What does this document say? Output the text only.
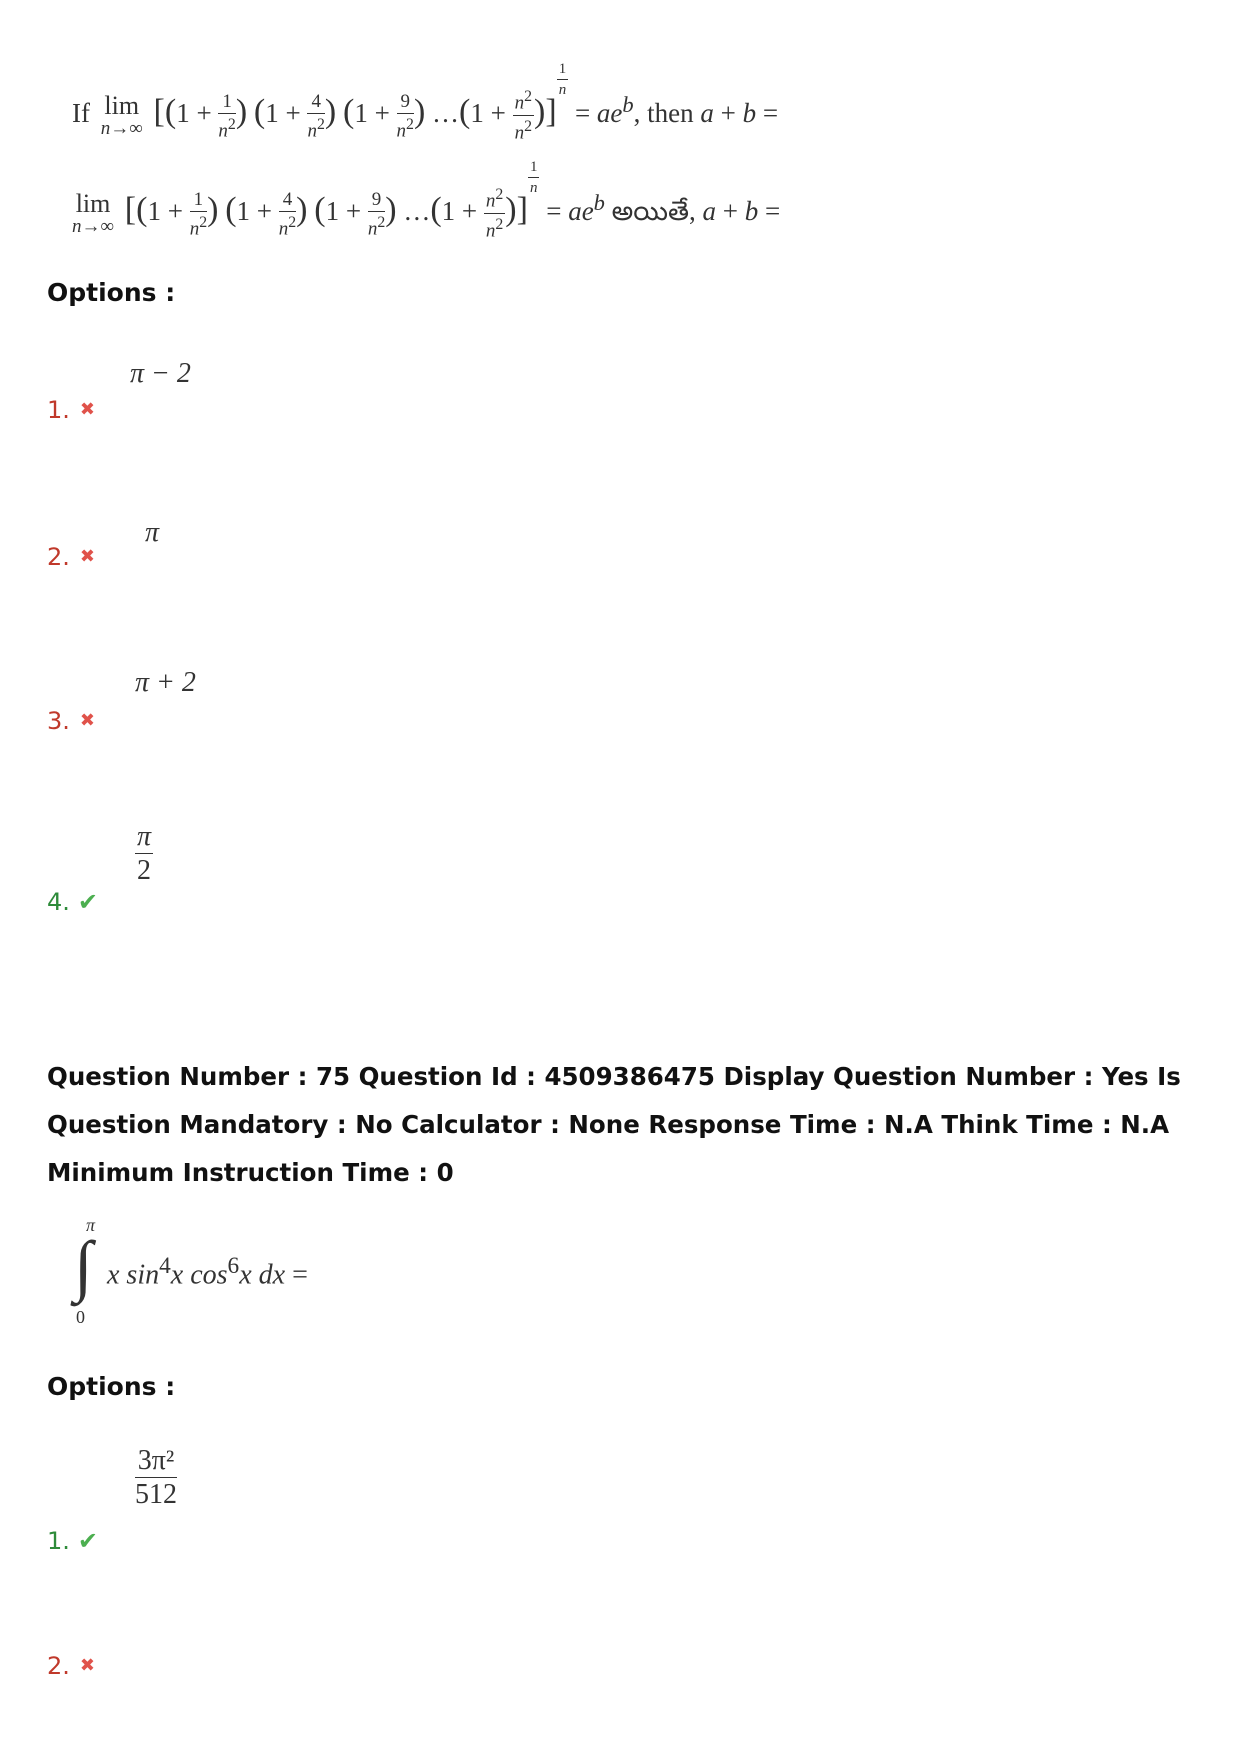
If lim
n→∞ [($1 + \frac{1}{n^2}$ ) ($1 + \frac{4}{n^2}$ ) ($1 + \frac{9}{n^2}$ ) …(1 + $\frac{n^2}{n^2}$ )]
$\frac{1}{n}$
= $ae^b$, then a + b =
lim
n→∞ [($1 + \frac{1}{n^2}$ ) ($1 + \frac{4}{n^2}$ ) ($1 + \frac{9}{n^2}$ ) …(1 + $\frac{n^2}{n^2}$ )]
$\frac{1}{n}$
= $ae^b$ అయితే, a + b =
Options :
π − 2
1. ✖
π
2. ✖
π + 2
3. ✖
$\frac{\pi}{2}$
4. ✔
Question Number : 75 Question Id : 4509386475 Display Question Number : Yes Is Question Mandatory : No Calculator : None Response Time : N.A Think Time : N.A Minimum Instruction Time : 0
π
∫
0
x $\sin^4x$ $\cos^6x$ dx =
Options :
$\frac{\text{3π²}}{512}$
1. ✔
2. ✖
